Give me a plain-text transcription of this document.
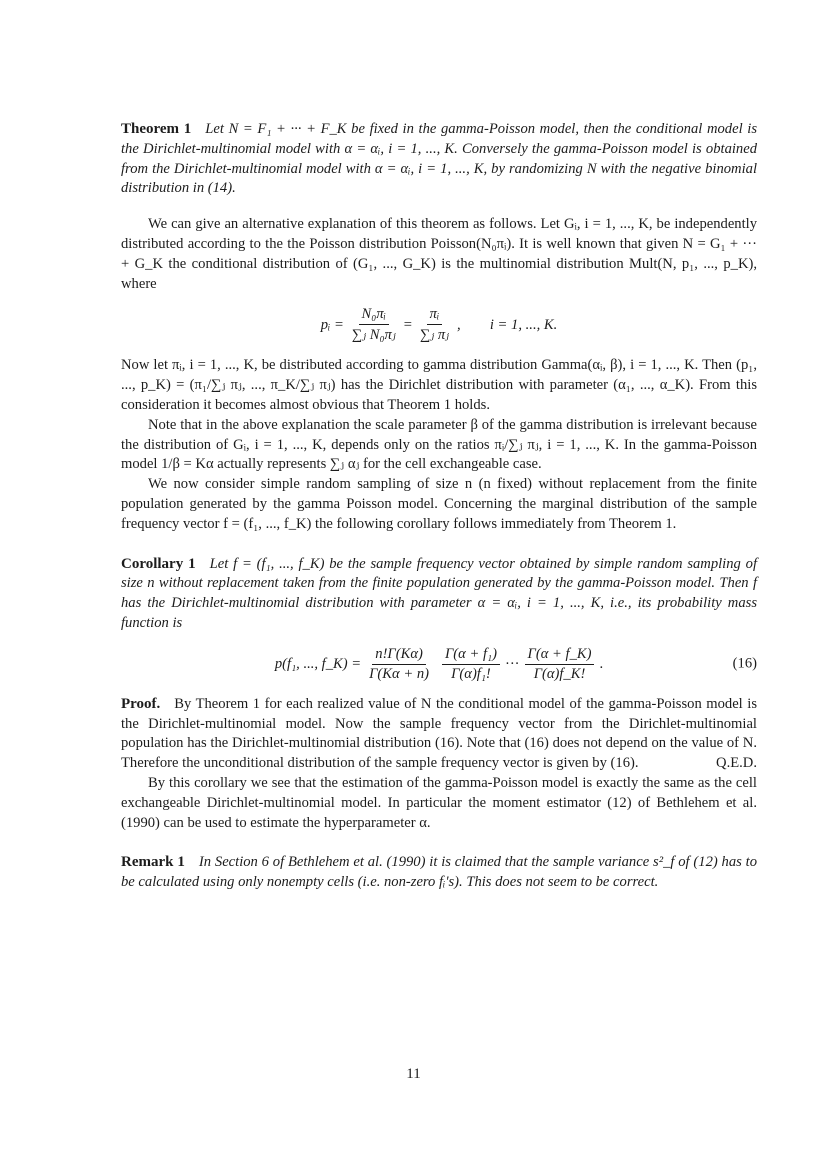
Theorem 1 Let N = F₁ + ··· + F_K be fixed in the gamma-Poisson model, then the conditional model is the Dirichlet-multinomial model with α = αᵢ, i = 1, ..., K. Conversely the gamma-Poisson model is obtained from the Dirichlet-multinomial model with α = αᵢ, i = 1, ..., K, by randomizing N with the negative binomial distribution in (14).

We can give an alternative explanation of this theorem as follows. Let Gᵢ, i = 1, ..., K, be independently distributed according to the the Poisson distribution Poisson(N₀πᵢ). It is well known that given N = G₁ + ··· + G_K the conditional distribution of (G₁, ..., G_K) is the multinomial distribution Mult(N, p₁, ..., p_K), where

pᵢ = $\frac{\text{N₀πᵢ}}{\text{∑ⱼ N₀πⱼ}} = \frac{\text{πᵢ}}{\text{∑ⱼ πⱼ}}$ ,        i = 1, ..., K.

Now let πᵢ, i = 1, ..., K, be distributed according to gamma distribution Gamma(αᵢ, β), i = 1, ..., K. Then (p₁, ..., p_K) = (π₁/∑ⱼ πⱼ, ..., π_K/∑ⱼ πⱼ) has the Dirichlet distribution with parameter (α₁, ..., α_K). From this consideration it becomes almost obvious that Theorem 1 holds.

Note that in the above explanation the scale parameter β of the gamma distribution is irrelevant because the distribution of Gᵢ, i = 1, ..., K, depends only on the ratios πᵢ/∑ⱼ πⱼ, i = 1, ..., K. In the gamma-Poisson model 1/β = Kα actually represents ∑ⱼ αⱼ for the cell exchangeable case.

We now consider simple random sampling of size n (n fixed) without replacement from the finite population generated by the gamma Poisson model. Concerning the marginal distribution of the sample frequency vector f = (f₁, ..., f_K) the following corollary follows immediately from Theorem 1.

Corollary 1 Let f = (f₁, ..., f_K) be the sample frequency vector obtained by simple random sampling of size n without replacement taken from the finite population generated by the gamma-Poisson model. Then f has the Dirichlet-multinomial distribution with parameter α = αᵢ, i = 1, ..., K, i.e., its probability mass function is
p(f₁, ..., f_K) = $\frac{n!\Gamma(K\alpha)}{\Gamma(K\alpha + n)} \frac{\text{Γ(α + f₁)}}{\text{Γ(α)f₁!}}$ ··· $\frac{\Gamma(\alpha + f\_K)}{\Gamma(\alpha)f\_K!}$ .	(16)
Proof. By Theorem 1 for each realized value of N the conditional model of the gamma-Poisson model is the Dirichlet-multinomial model. Now the sample frequency vector from the Dirichlet-multinomial population has the Dirichlet-multinomial distribution (16). Note that (16) does not depend on the value of N. Therefore the unconditional distribution of the sample frequency vector is given by (16).	Q.E.D.

By this corollary we see that the estimation of the gamma-Poisson model is exactly the same as the cell exchangeable Dirichlet-multinomial model. In particular the moment estimator (12) of Bethlehem et al. (1990) can be used to estimate the hyperparameter α.

Remark 1 In Section 6 of Bethlehem et al. (1990) it is claimed that the sample variance s²_f of (12) has to be calculated using only nonempty cells (i.e. non-zero fᵢ's). This does not seem to be correct.
11
